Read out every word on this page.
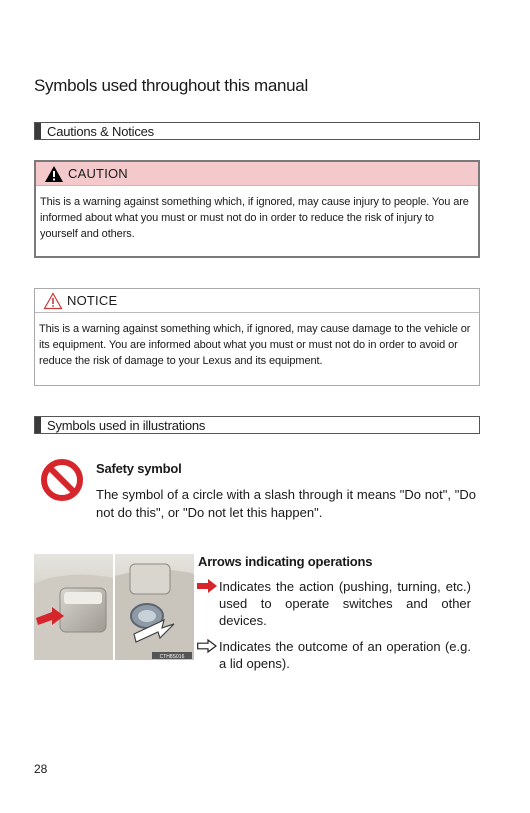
Symbols used throughout this manual
Cautions & Notices
CAUTION
This is a warning against something which, if ignored, may cause injury to people. You are informed about what you must or must not do in order to reduce the risk of injury to yourself and others.
NOTICE
This is a warning against something which, if ignored, may cause damage to the vehicle or its equipment. You are informed about what you must or must not do in order to avoid or reduce the risk of damage to your Lexus and its equipment.
Symbols used in illustrations
Safety symbol
The symbol of a circle with a slash through it means "Do not", "Do not do this", or "Do not let this happen".
CTH8S016
Arrows indicating operations
Indicates the action (pushing, turning, etc.) used to operate switches and other devices.
Indicates the outcome of an operation (e.g. a lid opens).
28
